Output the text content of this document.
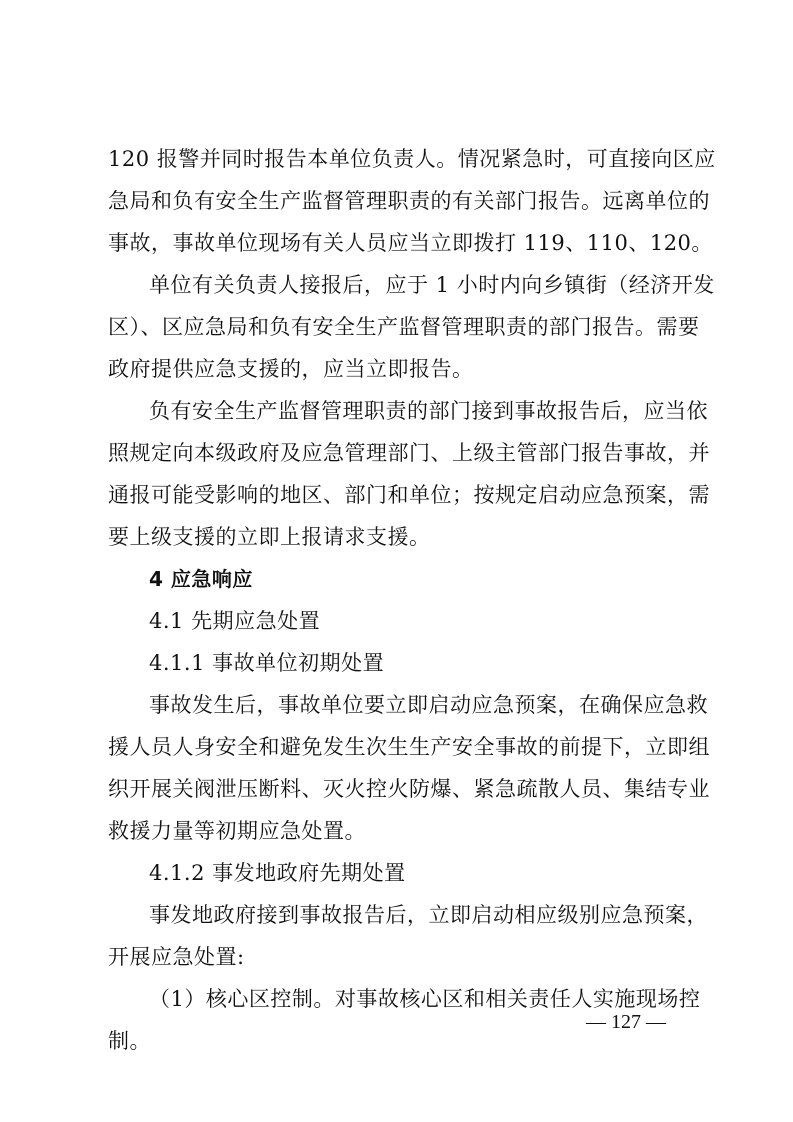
120 报警并同时报告本单位负责人。情况紧急时，可直接向区应
急局和负有安全生产监督管理职责的有关部门报告。远离单位的
事故，事故单位现场有关人员应当立即拨打 119、110、120。
单位有关负责人接报后，应于 1 小时内向乡镇街（经济开发
区）、区应急局和负有安全生产监督管理职责的部门报告。需要
政府提供应急支援的，应当立即报告。
负有安全生产监督管理职责的部门接到事故报告后，应当依
照规定向本级政府及应急管理部门、上级主管部门报告事故，并
通报可能受影响的地区、部门和单位；按规定启动应急预案，需
要上级支援的立即上报请求支援。
4 应急响应
4.1 先期应急处置
4.1.1 事故单位初期处置
事故发生后，事故单位要立即启动应急预案，在确保应急救
援人员人身安全和避免发生次生生产安全事故的前提下，立即组
织开展关阀泄压断料、灭火控火防爆、紧急疏散人员、集结专业
救援力量等初期应急处置。
4.1.2 事发地政府先期处置
事发地政府接到事故报告后，立即启动相应级别应急预案，
开展应急处置:
（1）核心区控制。对事故核心区和相关责任人实施现场控
制。
— 127 —
